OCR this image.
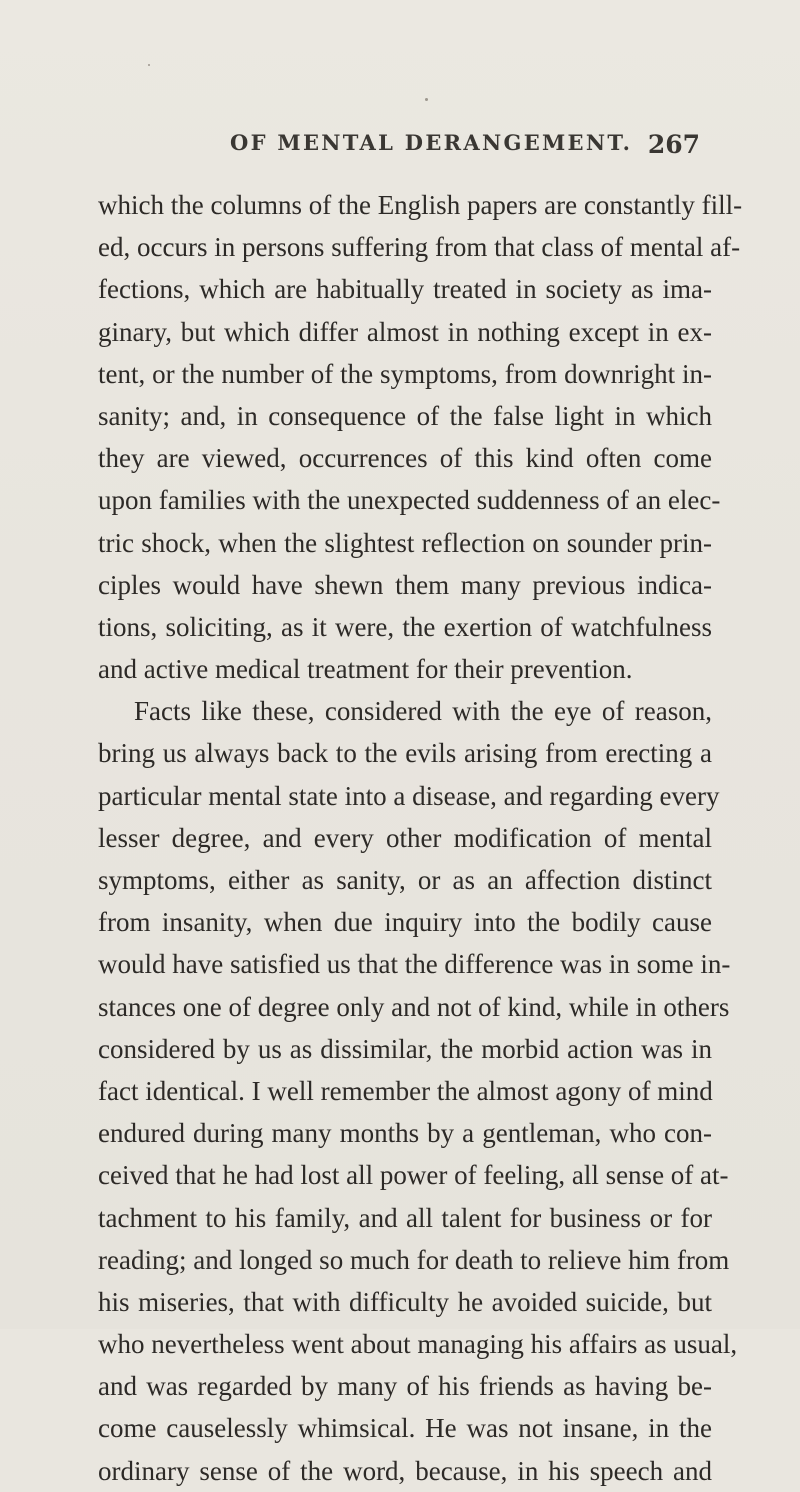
OF MENTAL DERANGEMENT. 267
which the columns of the English papers are constantly fill-
ed, occurs in persons suffering from that class of mental af-
fections, which are habitually treated in society as ima-
ginary, but which differ almost in nothing except in ex-
tent, or the number of the symptoms, from downright in-
sanity; and, in consequence of the false light in which
they are viewed, occurrences of this kind often come
upon families with the unexpected suddenness of an elec-
tric shock, when the slightest reflection on sounder prin-
ciples would have shewn them many previous indica-
tions, soliciting, as it were, the exertion of watchfulness
and active medical treatment for their prevention.
Facts like these, considered with the eye of reason,
bring us always back to the evils arising from erecting a
particular mental state into a disease, and regarding every
lesser degree, and every other modification of mental
symptoms, either as sanity, or as an affection distinct
from insanity, when due inquiry into the bodily cause
would have satisfied us that the difference was in some in-
stances one of degree only and not of kind, while in others
considered by us as dissimilar, the morbid action was in
fact identical. I well remember the almost agony of mind
endured during many months by a gentleman, who con-
ceived that he had lost all power of feeling, all sense of at-
tachment to his family, and all talent for business or for
reading; and longed so much for death to relieve him from
his miseries, that with difficulty he avoided suicide, but
who nevertheless went about managing his affairs as usual,
and was regarded by many of his friends as having be-
come causelessly whimsical. He was not insane, in the
ordinary sense of the word, because, in his speech and
